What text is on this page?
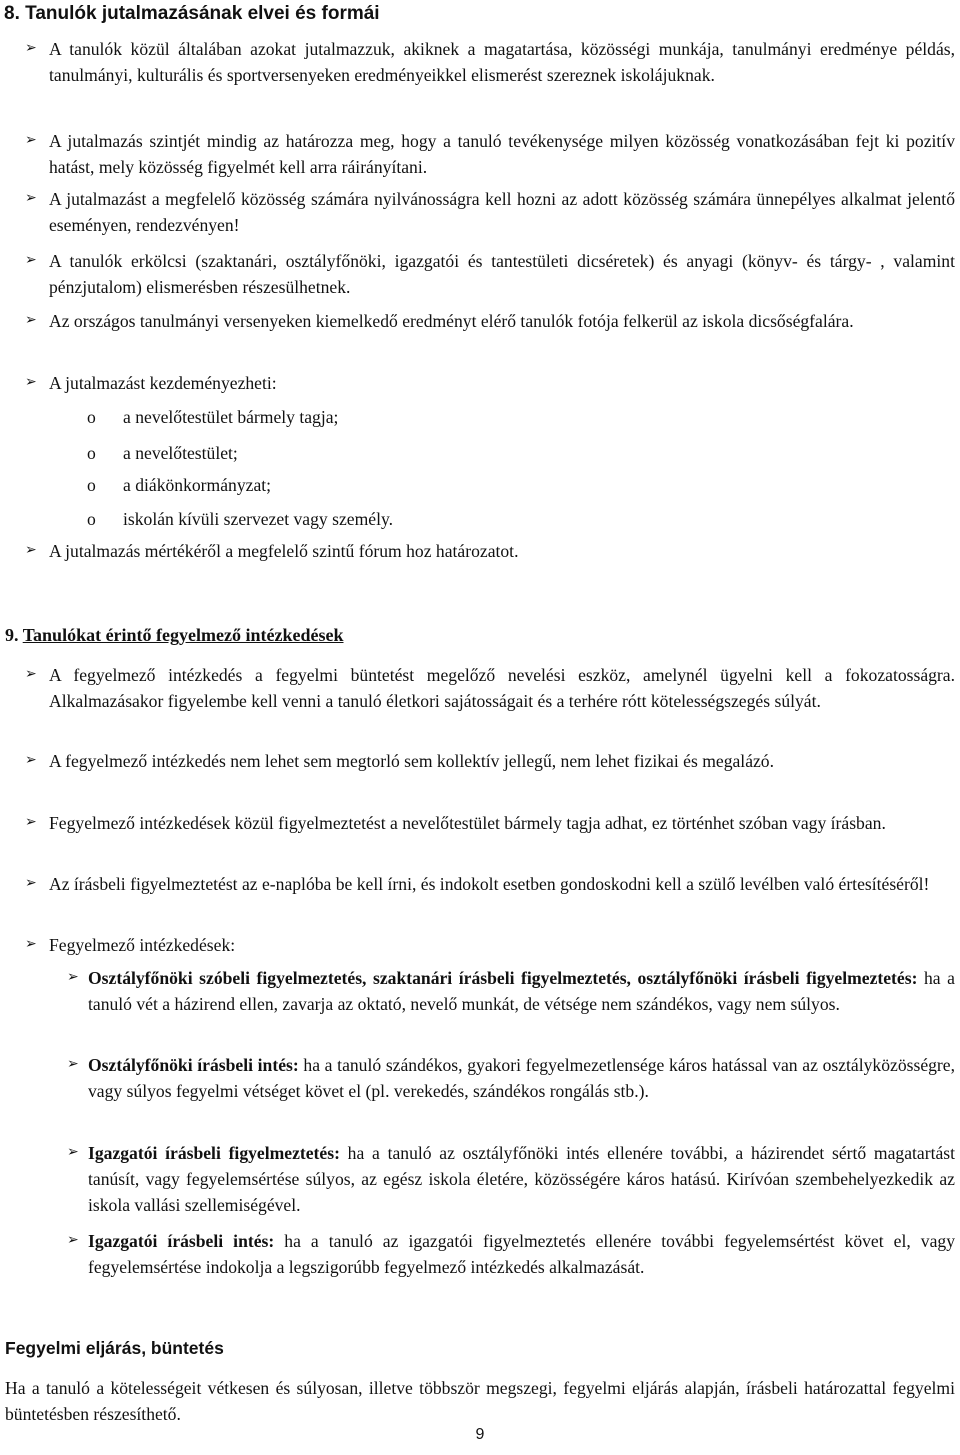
8. Tanulók jutalmazásának elvei és formái
➢ A tanulók közül általában azokat jutalmazzuk, akiknek a magatartása, közösségi munkája, tanulmányi eredménye példás, tanulmányi, kulturális és sportversenyeken eredményeikkel elismerést szereznek iskolájuknak.
➢ A jutalmazás szintjét mindig az határozza meg, hogy a tanuló tevékenysége milyen közösség vonatkozásában fejt ki pozitív hatást, mely közösség figyelmét kell arra ráirányítani.
➢ A jutalmazást a megfelelő közösség számára nyilvánosságra kell hozni az adott közösség számára ünnepélyes alkalmat jelentő eseményen, rendezvényen!
➢ A tanulók erkölcsi (szaktanári, osztályfőnöki, igazgatói és tantestületi dicséretek) és anyagi (könyv- és tárgy- , valamint pénzjutalom) elismerésben részesülhetnek.
➢ Az országos tanulmányi versenyeken kiemelkedő eredményt elérő tanulók fotója felkerül az iskola dicsőségfalára.
➢ A jutalmazást kezdeményezheti:
o a nevelőtestület bármely tagja;
o a nevelőtestület;
o a diákönkormányzat;
o iskolán kívüli szervezet vagy személy.
➢ A jutalmazás mértékéről a megfelelő szintű fórum hoz határozatot.
9. Tanulókat érintő fegyelmező intézkedések
➢ A fegyelmező intézkedés a fegyelmi büntetést megelőző nevelési eszköz, amelynél ügyelni kell a fokozatosságra. Alkalmazásakor figyelembe kell venni a tanuló életkori sajátosságait és a terhére rótt kötelességszegés súlyát.
➢ A fegyelmező intézkedés nem lehet sem megtorló sem kollektív jellegű, nem lehet fizikai és megalázó.
➢ Fegyelmező intézkedések közül figyelmeztetést a nevelőtestület bármely tagja adhat, ez történhet szóban vagy írásban.
➢ Az írásbeli figyelmeztetést az e-naplóba be kell írni, és indokolt esetben gondoskodni kell a szülő levélben való értesítéséről!
➢ Fegyelmező intézkedések:
➢ Osztályfőnöki szóbeli figyelmeztetés, szaktanári írásbeli figyelmeztetés, osztályfőnöki írásbeli figyelmeztetés: ha a tanuló vét a házirend ellen, zavarja az oktató, nevelő munkát, de vétsége nem szándékos, vagy nem súlyos.
➢ Osztályfőnöki írásbeli intés: ha a tanuló szándékos, gyakori fegyelmezetlensége káros hatással van az osztályközösségre, vagy súlyos fegyelmi vétséget követ el (pl. verekedés, szándékos rongálás stb.).
➢ Igazgatói írásbeli figyelmeztetés: ha a tanuló az osztályfőnöki intés ellenére további, a házirendet sértő magatartást tanúsít, vagy fegyelemsértése súlyos, az egész iskola életére, közösségére káros hatású. Kirívóan szembehelyezkedik az iskola vallási szellemiségével.
➢ Igazgatói írásbeli intés: ha a tanuló az igazgatói figyelmeztetés ellenére további fegyelemsértést követ el, vagy fegyelemsértése indokolja a legszigorúbb fegyelmező intézkedés alkalmazását.
Fegyelmi eljárás, büntetés
Ha a tanuló a kötelességeit vétkesen és súlyosan, illetve többször megszegi, fegyelmi eljárás alapján, írásbeli határozattal fegyelmi büntetésben részesíthető.
9
